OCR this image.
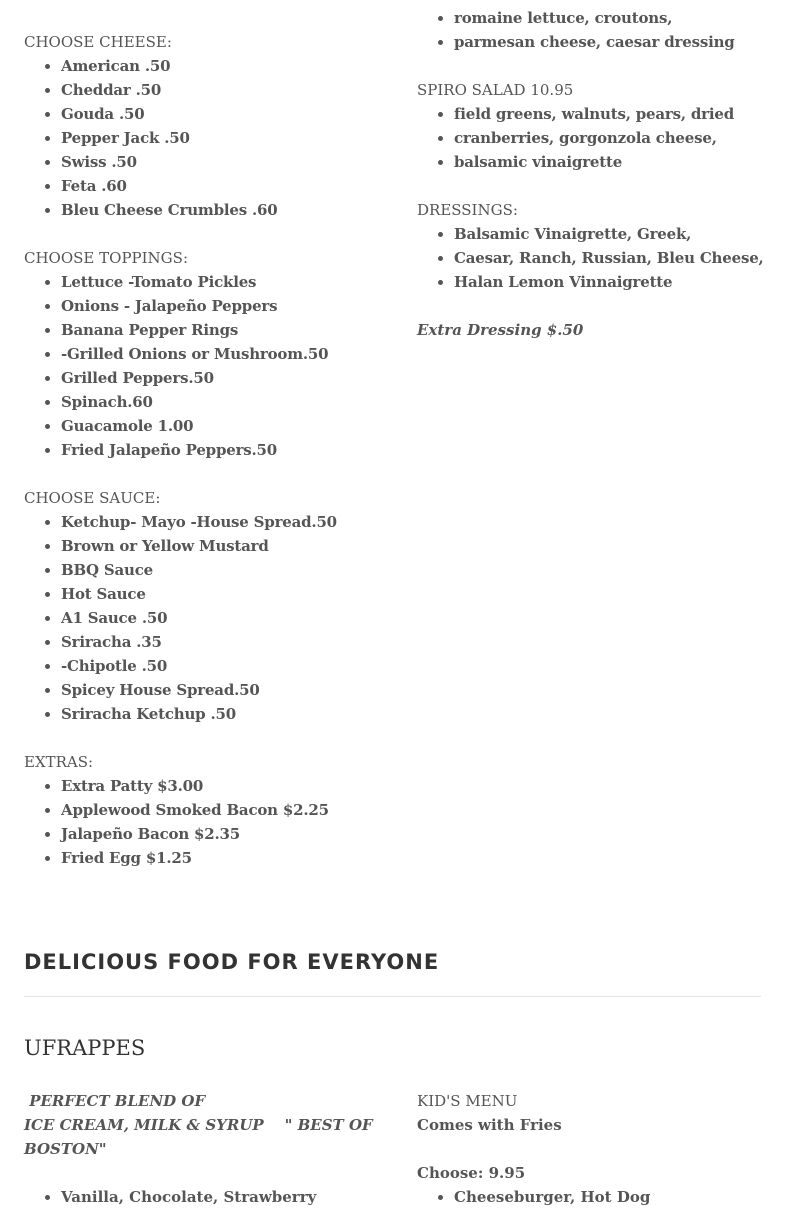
CHOOSE CHEESE:
• American .50
• Cheddar .50
• Gouda .50
• Pepper Jack .50
• Swiss .50
• Feta .60
• Bleu Cheese Crumbles .60
CHOOSE TOPPINGS:
• Lettuce -Tomato Pickles
• Onions - Jalapeño Peppers
• Banana Pepper Rings
• -Grilled Onions or Mushroom.50
• Grilled Peppers.50
• Spinach.60
• Guacamole 1.00
• Fried Jalapeño Peppers.50
CHOOSE SAUCE:
• Ketchup- Mayo -House Spread.50
• Brown or Yellow Mustard
• BBQ Sauce
• Hot Sauce
• A1 Sauce .50
• Sriracha .35
• -Chipotle .50
• Spicey House Spread.50
• Sriracha Ketchup .50
EXTRAS:
• Extra Patty $3.00
• Applewood Smoked Bacon $2.25
• Jalapeño Bacon $2.35
• Fried Egg $1.25
• romaine lettuce, croutons,
• parmesan cheese, caesar dressing
SPIRO SALAD 10.95
• field greens, walnuts, pears, dried
• cranberries, gorgonzola cheese,
• balsamic vinaigrette
DRESSINGS:
• Balsamic Vinaigrette, Greek,
• Caesar, Ranch, Russian, Bleu Cheese,
• Halan Lemon Vinnaigrette
Extra Dressing $.50
DELICIOUS FOOD FOR EVERYONE
UFRAPPES
PERFECT BLEND OF
ICE CREAM, MILK & SYRUP    " BEST OF BOSTON"
• Vanilla, Chocolate, Strawberry
KID'S MENU
Comes with Fries
Choose: 9.95
• Cheeseburger, Hot Dog
